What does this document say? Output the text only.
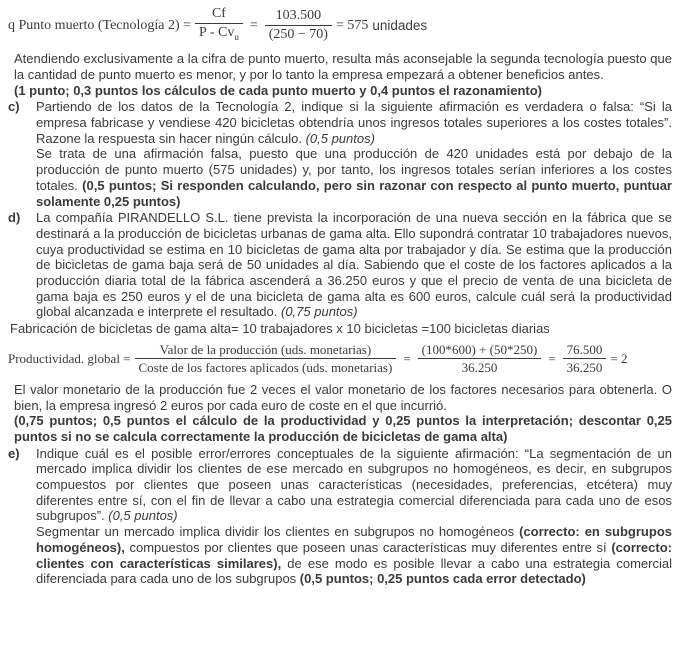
q Punto muerto (Tecnología $2) = \frac{Cf}{P - Cv_u} = \frac{103.500}{(250 - 70)} = 575$ unidades

Atendiendo exclusivamente a la cifra de punto muerto, resulta más aconsejable la segunda tecnología puesto que la cantidad de punto muerto es menor, y por lo tanto la empresa empezará a obtener beneficios antes.

(1 punto; 0,3 puntos los cálculos de cada punto muerto y 0,4 puntos el razonamiento)

c) Partiendo de los datos de la Tecnología 2, indique si la siguiente afirmación es verdadera o falsa: “Si la empresa fabricase y vendiese 420 bicicletas obtendría unos ingresos totales superiores a los costes totales”. Razone la respuesta sin hacer ningún cálculo. (0,5 puntos)

Se trata de una afirmación falsa, puesto que una producción de 420 unidades está por debajo de la producción de punto muerto (575 unidades) y, por tanto, los ingresos totales serían inferiores a los costes totales. (0,5 puntos; Si responden calculando, pero sin razonar con respecto al punto muerto, puntuar solamente 0,25 puntos)

d) La compañía PIRANDELLO S.L. tiene prevista la incorporación de una nueva sección en la fábrica que se destinará a la producción de bicicletas urbanas de gama alta. Ello supondrá contratar 10 trabajadores nuevos, cuya productividad se estima en 10 bicicletas de gama alta por trabajador y día. Se estima que la producción de bicicletas de gama baja será de 50 unidades al día. Sabiendo que el coste de los factores aplicados a la producción diaria total de la fábrica ascenderá a 36.250 euros y que el precio de venta de una bicicleta de gama baja es 250 euros y el de una bicicleta de gama alta es 600 euros, calcule cuál será la productividad global alcanzada e interprete el resultado. (0,75 puntos)

Fabricación de bicicletas de gama alta= 10 trabajadores x 10 bicicletas =100 bicicletas diarias

Productividad. global = $\frac{\text{Valor de la producción (uds. monetarias)}}{\text{Coste de los factores aplicados (uds. monetarias)}} = \frac{(100*600) + (50*250)}{36.250} = \frac{76.500}{36.250} = 2$

El valor monetario de la producción fue 2 veces el valor monetario de los factores necesarios para obtenerla. O bien, la empresa ingresó 2 euros por cada euro de coste en el que incurrió.

(0,75 puntos; 0,5 puntos el cálculo de la productividad y 0,25 puntos la interpretación; descontar 0,25 puntos si no se calcula correctamente la producción de bicicletas de gama alta)

e) Indique cuál es el posible error/errores conceptuales de la siguiente afirmación: “La segmentación de un mercado implica dividir los clientes de ese mercado en subgrupos no homogéneos, es decir, en subgrupos compuestos por clientes que poseen unas características (necesidades, preferencias, etcétera) muy diferentes entre sí, con el fin de llevar a cabo una estrategia comercial diferenciada para cada uno de esos subgrupos”. (0,5 puntos)

Segmentar un mercado implica dividir los clientes en subgrupos no homogéneos (correcto: en subgrupos homogéneos), compuestos por clientes que poseen unas características muy diferentes entre sí (correcto: clientes con características similares), de ese modo es posible llevar a cabo una estrategia comercial diferenciada para cada uno de los subgrupos (0,5 puntos; 0,25 puntos cada error detectado)
